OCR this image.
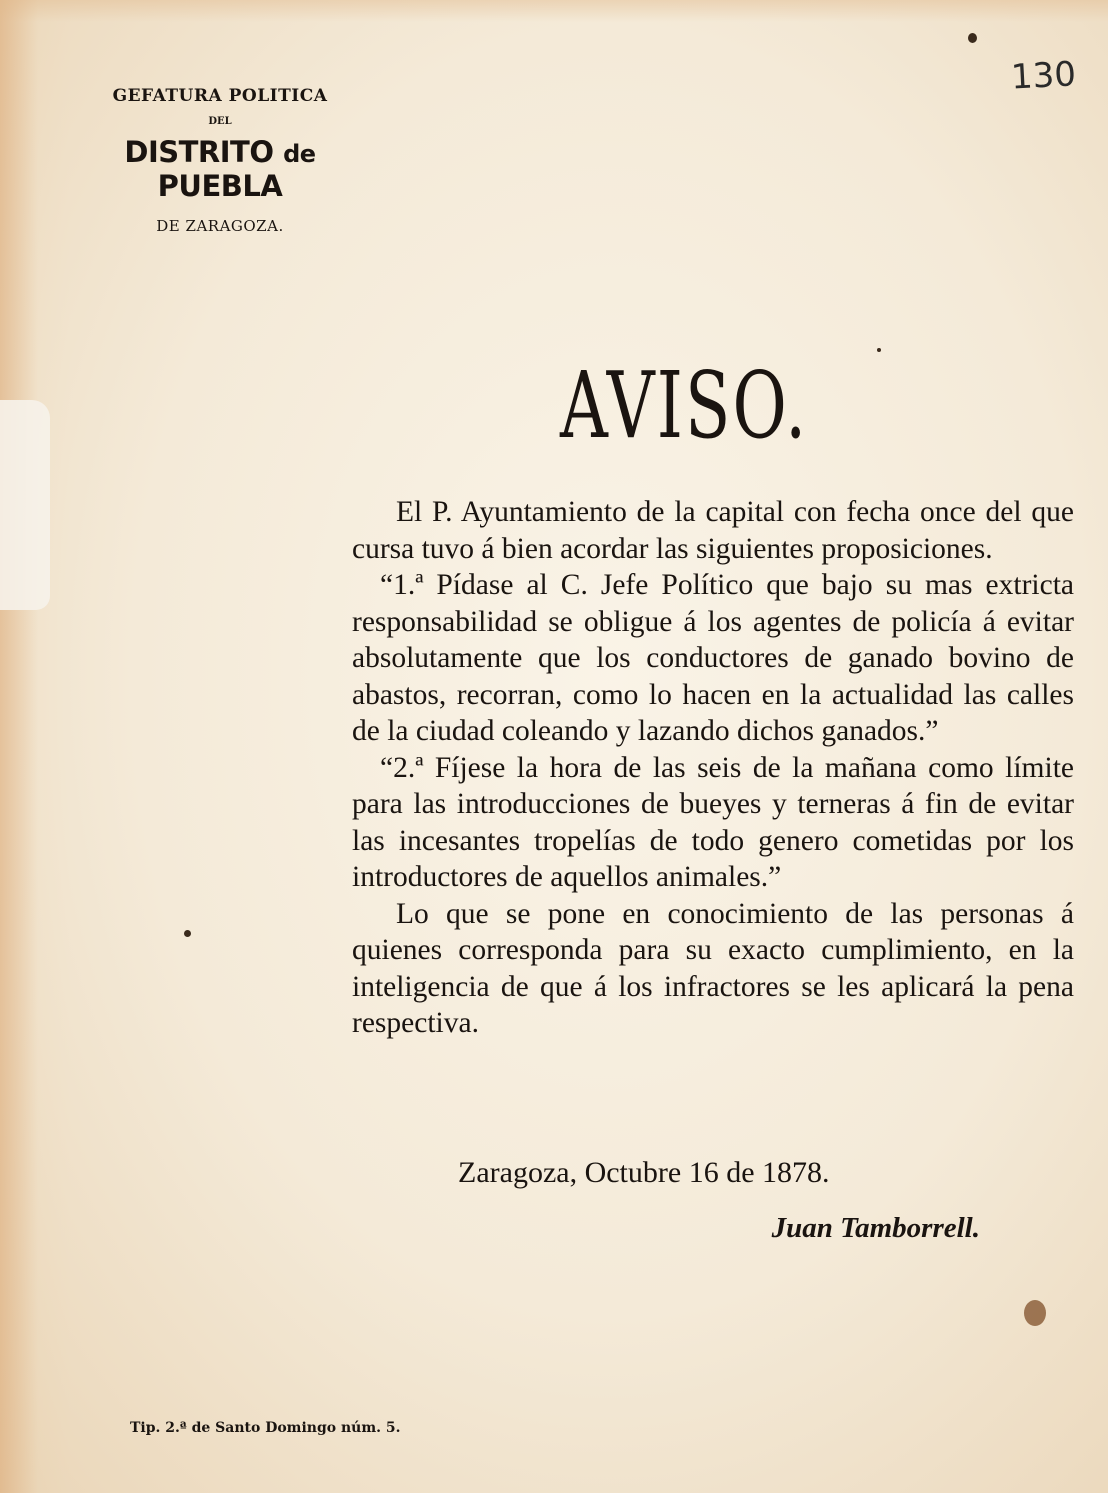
130
GEFATURA POLITICA
DEL
DISTRITO de PUEBLA
DE ZARAGOZA.
AVISO.

El P. Ayuntamiento de la capital con fecha once del que cursa tuvo á bien acordar las siguientes proposiciones.

“1.ª Pídase al C. Jefe Político que bajo su mas extricta responsabilidad se obligue á los agentes de policía á evitar absolutamente que los conductores de ganado bovino de abastos, recorran, como lo hacen en la actualidad las calles de la ciudad coleando y lazando dichos ganados.”

“2.ª Fíjese la hora de las seis de la mañana como límite para las introducciones de bueyes y terneras á fin de evitar las incesantes tropelías de todo genero cometidas por los introductores de aquellos animales.”

Lo que se pone en conocimiento de las personas á quienes corresponda para su exacto cumplimiento, en la inteligencia de que á los infractores se les aplicará la pena respectiva.

Zaragoza, Octubre 16 de 1878.
Juan Tamborrell.
Tip. 2.ª de Santo Domingo núm. 5.
